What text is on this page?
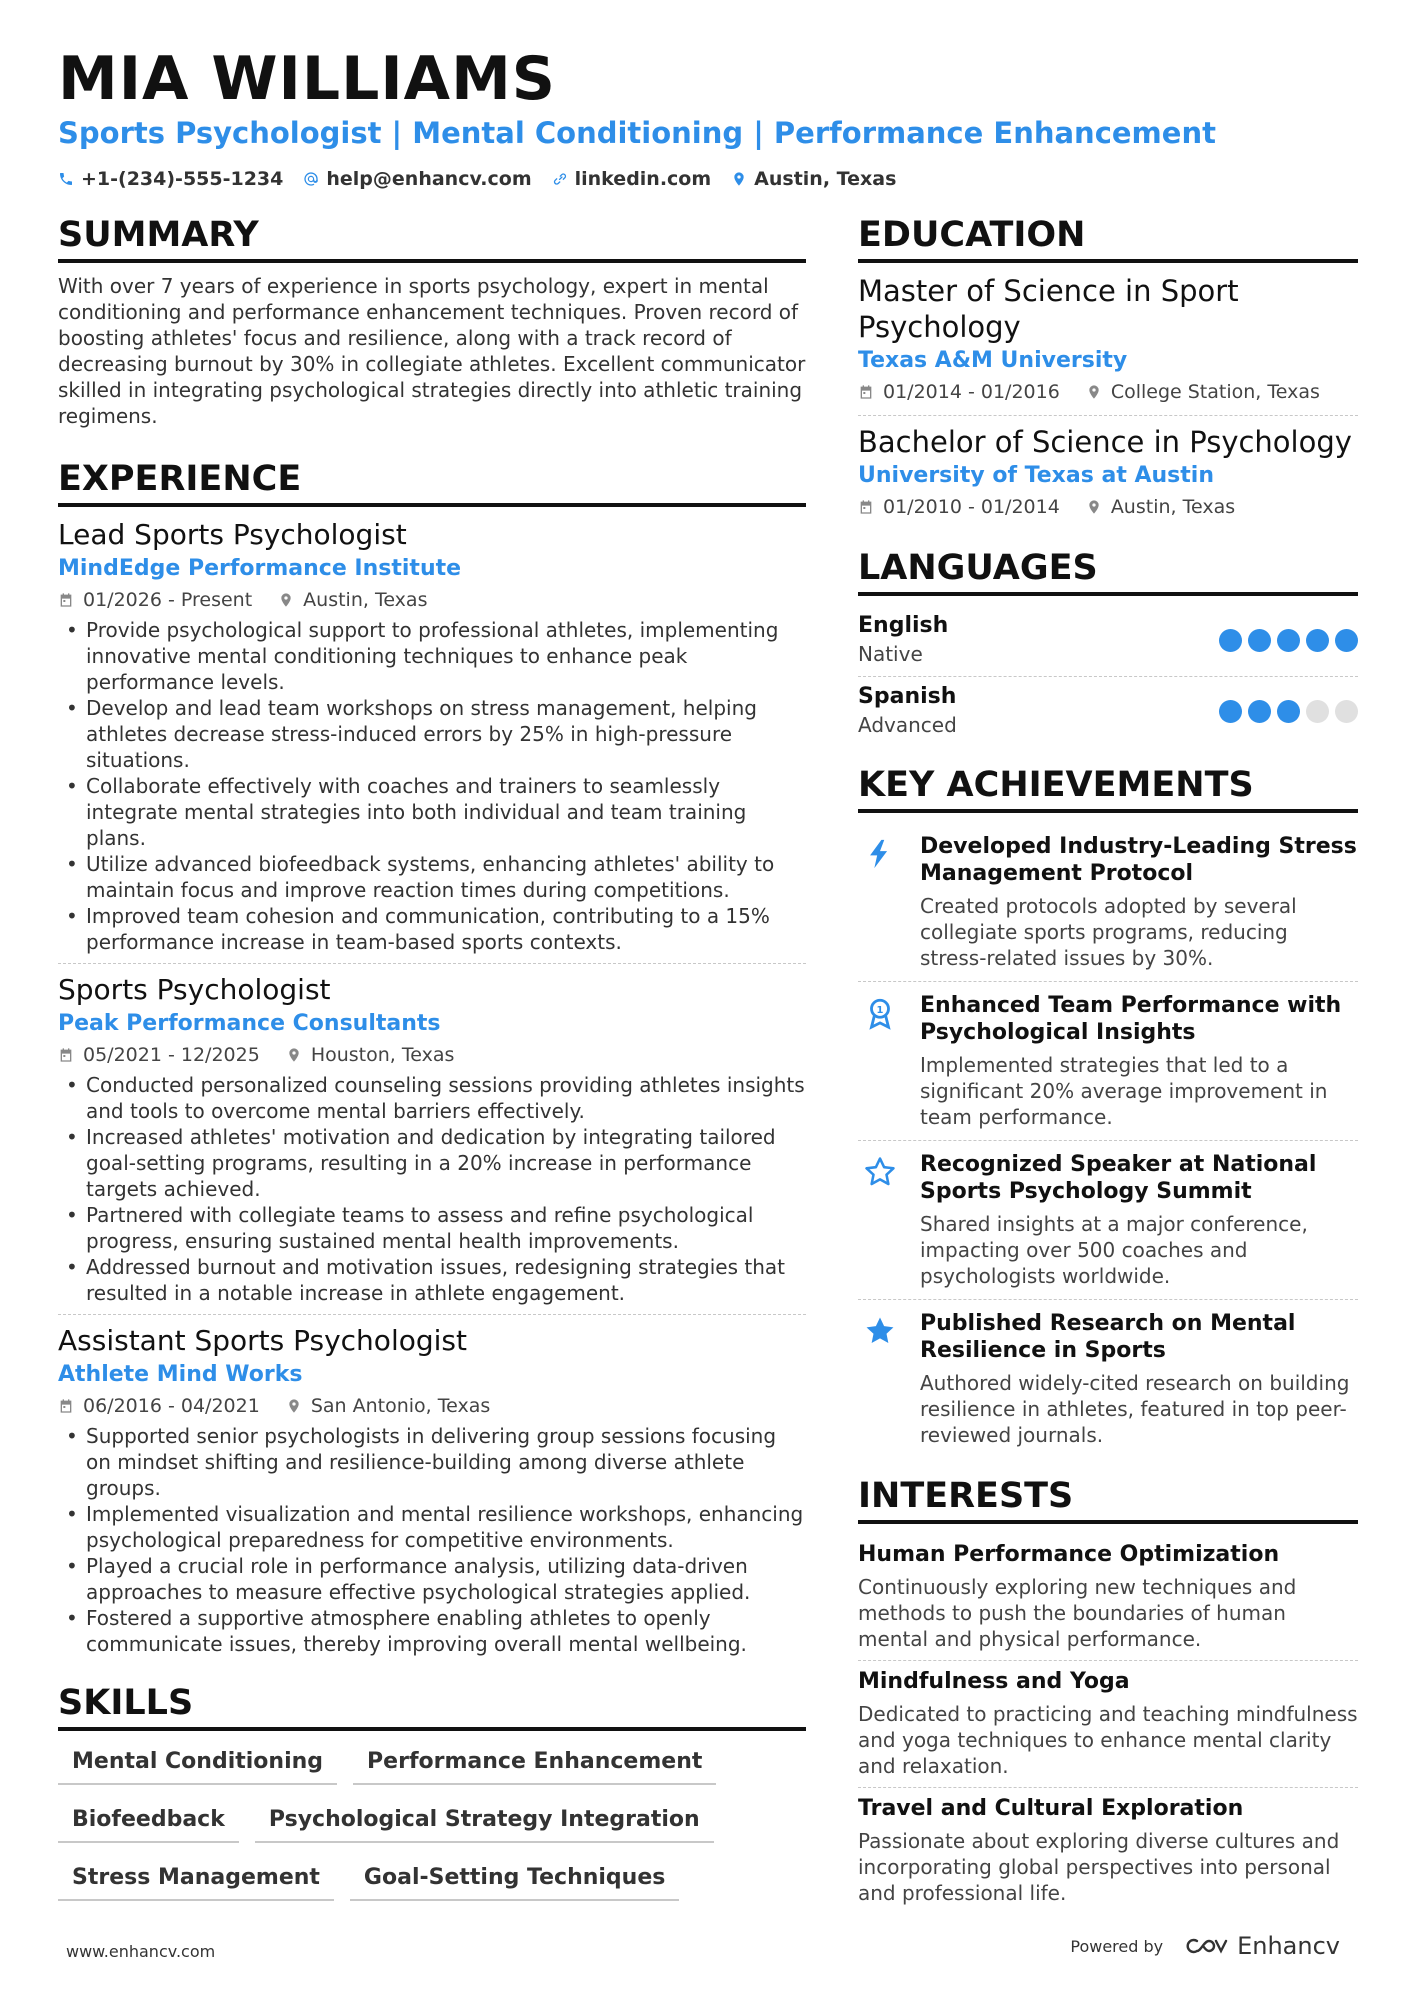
MIA WILLIAMS
Sports Psychologist | Mental Conditioning | Performance Enhancement
+1-(234)-555-1234 help@enhancv.com linkedin.com Austin, Texas
SUMMARY
With over 7 years of experience in sports psychology, expert in mental conditioning and performance enhancement techniques. Proven record of boosting athletes' focus and resilience, along with a track record of decreasing burnout by 30% in collegiate athletes. Excellent communicator skilled in integrating psychological strategies directly into athletic training regimens.
EXPERIENCE
Lead Sports Psychologist
MindEdge Performance Institute
01/2026 - Present	Austin, Texas
• Provide psychological support to professional athletes, implementing innovative mental conditioning techniques to enhance peak performance levels.
• Develop and lead team workshops on stress management, helping athletes decrease stress-induced errors by 25% in high-pressure situations.
• Collaborate effectively with coaches and trainers to seamlessly integrate mental strategies into both individual and team training plans.
• Utilize advanced biofeedback systems, enhancing athletes' ability to maintain focus and improve reaction times during competitions.
• Improved team cohesion and communication, contributing to a 15% performance increase in team-based sports contexts.
Sports Psychologist
Peak Performance Consultants
05/2021 - 12/2025	Houston, Texas
• Conducted personalized counseling sessions providing athletes insights and tools to overcome mental barriers effectively.
• Increased athletes' motivation and dedication by integrating tailored goal-setting programs, resulting in a 20% increase in performance targets achieved.
• Partnered with collegiate teams to assess and refine psychological progress, ensuring sustained mental health improvements.
• Addressed burnout and motivation issues, redesigning strategies that resulted in a notable increase in athlete engagement.
Assistant Sports Psychologist
Athlete Mind Works
06/2016 - 04/2021	San Antonio, Texas
• Supported senior psychologists in delivering group sessions focusing on mindset shifting and resilience-building among diverse athlete groups.
• Implemented visualization and mental resilience workshops, enhancing psychological preparedness for competitive environments.
• Played a crucial role in performance analysis, utilizing data-driven approaches to measure effective psychological strategies applied.
• Fostered a supportive atmosphere enabling athletes to openly communicate issues, thereby improving overall mental wellbeing.
SKILLS
Mental Conditioning	Performance Enhancement
Biofeedback	Psychological Strategy Integration
Stress Management	Goal-Setting Techniques
EDUCATION
Master of Science in Sport Psychology
Texas A&M University
01/2014 - 01/2016	College Station, Texas
Bachelor of Science in Psychology
University of Texas at Austin
01/2010 - 01/2014	Austin, Texas
LANGUAGES
English
Native
Spanish
Advanced
KEY ACHIEVEMENTS
Developed Industry-Leading Stress Management Protocol
Created protocols adopted by several collegiate sports programs, reducing stress-related issues by 30%.
1 Enhanced Team Performance with Psychological Insights
Implemented strategies that led to a significant 20% average improvement in team performance.
Recognized Speaker at National Sports Psychology Summit
Shared insights at a major conference, impacting over 500 coaches and psychologists worldwide.
Published Research on Mental Resilience in Sports
Authored widely-cited research on building resilience in athletes, featured in top peer-reviewed journals.
INTERESTS
Human Performance Optimization
Continuously exploring new techniques and methods to push the boundaries of human mental and physical performance.
Mindfulness and Yoga
Dedicated to practicing and teaching mindfulness and yoga techniques to enhance mental clarity and relaxation.
Travel and Cultural Exploration
Passionate about exploring diverse cultures and incorporating global perspectives into personal and professional life.
www.enhancv.com	Powered by	Enhancv
